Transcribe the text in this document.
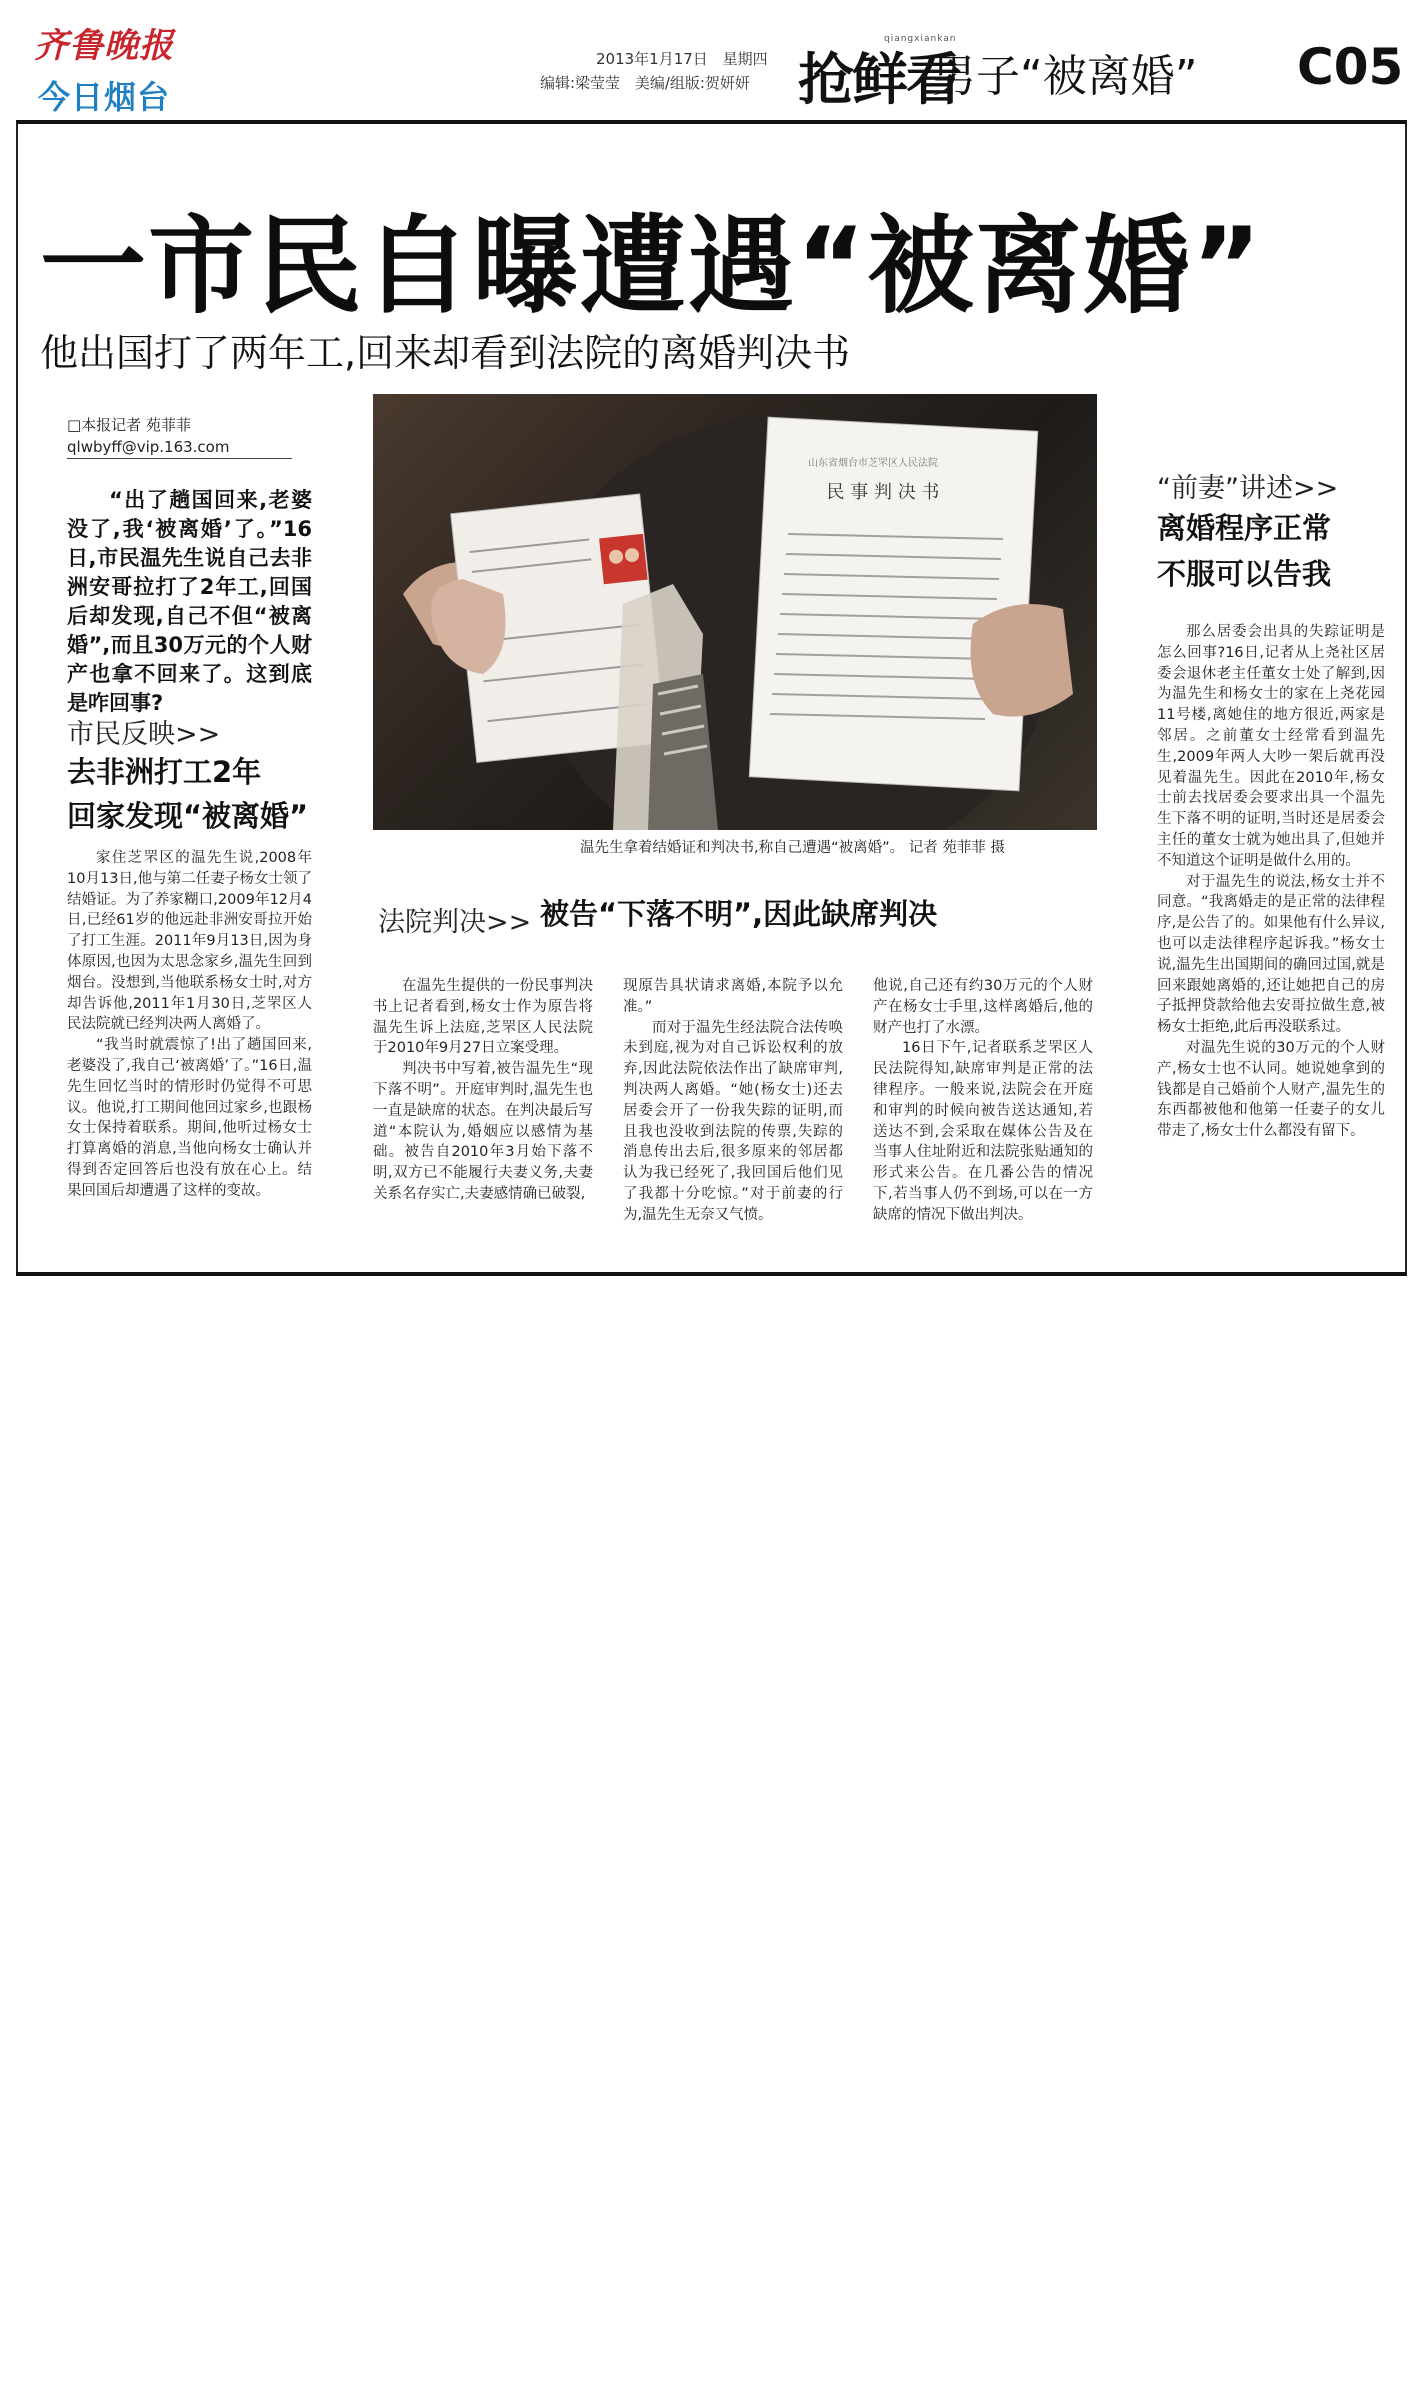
齐鲁晚报
今日烟台
2013年1月17日 星期四
编辑:梁莹莹 美编/组版:贺妍妍 抢鲜看
qiangxiankan
·男子“被离婚” C05
一市民自曝遭遇“被离婚”
他出国打了两年工,回来却看到法院的离婚判决书
□本报记者 苑菲菲
qlwbyff@vip.163.com
“出了趟国回来,老婆没了,我‘被离婚’了。”16日,市民温先生说自己去非洲安哥拉打了2年工,回国后却发现,自己不但“被离婚”,而且30万元的个人财产也拿不回来了。这到底是咋回事?
市民反映>>
去非洲打工2年
回家发现“被离婚”

家住芝罘区的温先生说,2008年10月13日,他与第二任妻子杨女士领了结婚证。为了养家糊口,2009年12月4日,已经61岁的他远赴非洲安哥拉开始了打工生涯。2011年9月13日,因为身体原因,也因为太思念家乡,温先生回到烟台。没想到,当他联系杨女士时,对方却告诉他,2011年1月30日,芝罘区人民法院就已经判决两人离婚了。

“我当时就震惊了!出了趟国回来,老婆没了,我自己‘被离婚’了。”16日,温先生回忆当时的情形时仍觉得不可思议。他说,打工期间他回过家乡,也跟杨女士保持着联系。期间,他听过杨女士打算离婚的消息,当他向杨女士确认并得到否定回答后也没有放在心上。结果回国后却遭遇了这样的变故。

山东省烟台市芝罘区人民法院
民 事 判 决 书
温先生拿着结婚证和判决书,称自己遭遇“被离婚”。 记者 苑菲菲 摄
法院判决>> 被告“下落不明”,因此缺席判决

在温先生提供的一份民事判决书上记者看到,杨女士作为原告将温先生诉上法庭,芝罘区人民法院于2010年9月27日立案受理。

判决书中写着,被告温先生“现下落不明”。开庭审判时,温先生也一直是缺席的状态。在判决最后写道“本院认为,婚姻应以感情为基础。被告自2010年3月始下落不明,双方已不能履行夫妻义务,夫妻关系名存实亡,夫妻感情确已破裂,

现原告具状请求离婚,本院予以允准。”

而对于温先生经法院合法传唤未到庭,视为对自己诉讼权利的放弃,因此法院依法作出了缺席审判,判决两人离婚。“她(杨女士)还去居委会开了一份我失踪的证明,而且我也没收到法院的传票,失踪的消息传出去后,很多原来的邻居都认为我已经死了,我回国后他们见了我都十分吃惊。”对于前妻的行为,温先生无奈又气愤。

他说,自己还有约30万元的个人财产在杨女士手里,这样离婚后,他的财产也打了水漂。

16日下午,记者联系芝罘区人民法院得知,缺席审判是正常的法律程序。一般来说,法院会在开庭和审判的时候向被告送达通知,若送达不到,会采取在媒体公告及在当事人住址附近和法院张贴通知的形式来公告。在几番公告的情况下,若当事人仍不到场,可以在一方缺席的情况下做出判决。

“前妻”讲述>>
离婚程序正常
不服可以告我

那么居委会出具的失踪证明是怎么回事?16日,记者从上尧社区居委会退休老主任董女士处了解到,因为温先生和杨女士的家在上尧花园11号楼,离她住的地方很近,两家是邻居。之前董女士经常看到温先生,2009年两人大吵一架后就再没见着温先生。因此在2010年,杨女士前去找居委会要求出具一个温先生下落不明的证明,当时还是居委会主任的董女士就为她出具了,但她并不知道这个证明是做什么用的。

对于温先生的说法,杨女士并不同意。“我离婚走的是正常的法律程序,是公告了的。如果他有什么异议,也可以走法律程序起诉我。”杨女士说,温先生出国期间的确回过国,就是回来跟她离婚的,还让她把自己的房子抵押贷款给他去安哥拉做生意,被杨女士拒绝,此后再没联系过。

对温先生说的30万元的个人财产,杨女士也不认同。她说她拿到的钱都是自己婚前个人财产,温先生的东西都被他和他第一任妻子的女儿带走了,杨女士什么都没有留下。
